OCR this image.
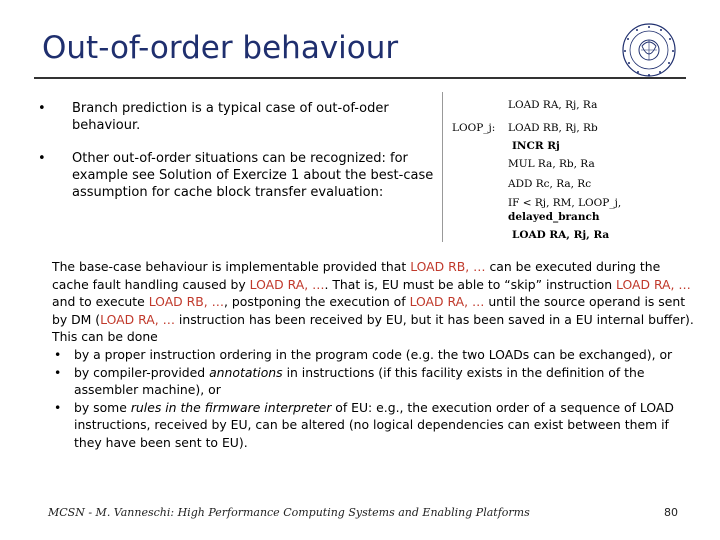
Out-of-order behaviour
•	Branch prediction is a typical case of out-of-oder
behaviour.
•	Other out-of-order situations can be recognized: for
example see Solution of Exercize 1 about the best-case
assumption for cache block transfer evaluation:
LOOP_j:
LOAD RA, Rj, Ra
LOAD RB, Rj, Rb
INCR Rj
MUL Ra, Rb, Ra
ADD Rc, Ra, Rc
IF < Rj, RM, LOOP_j,
delayed_branch
LOAD RA, Rj, Ra
The base-case behaviour is implementable provided that LOAD RB, … can be executed during the
cache fault handling caused by LOAD RA, …. That is, EU must be able to “skip” instruction LOAD RA, …
and to execute LOAD RB, …, postponing the execution of LOAD RA, … until the source operand is sent
by DM (LOAD RA, … instruction has been received by EU, but it has been saved in a EU internal buffer).
This can be done
•	by a proper instruction ordering in the program code (e.g. the two LOADs can be exchanged), or
•	by compiler-provided annotations in instructions (if this facility exists in the definition of the
assembler machine), or
•	by some rules in the firmware interpreter of EU: e.g., the execution order of a sequence of LOAD
instructions, received by EU, can be altered (no logical dependencies can exist between them if
they have been sent to EU).
MCSN - M. Vanneschi: High Performance Computing Systems and Enabling Platforms	80
